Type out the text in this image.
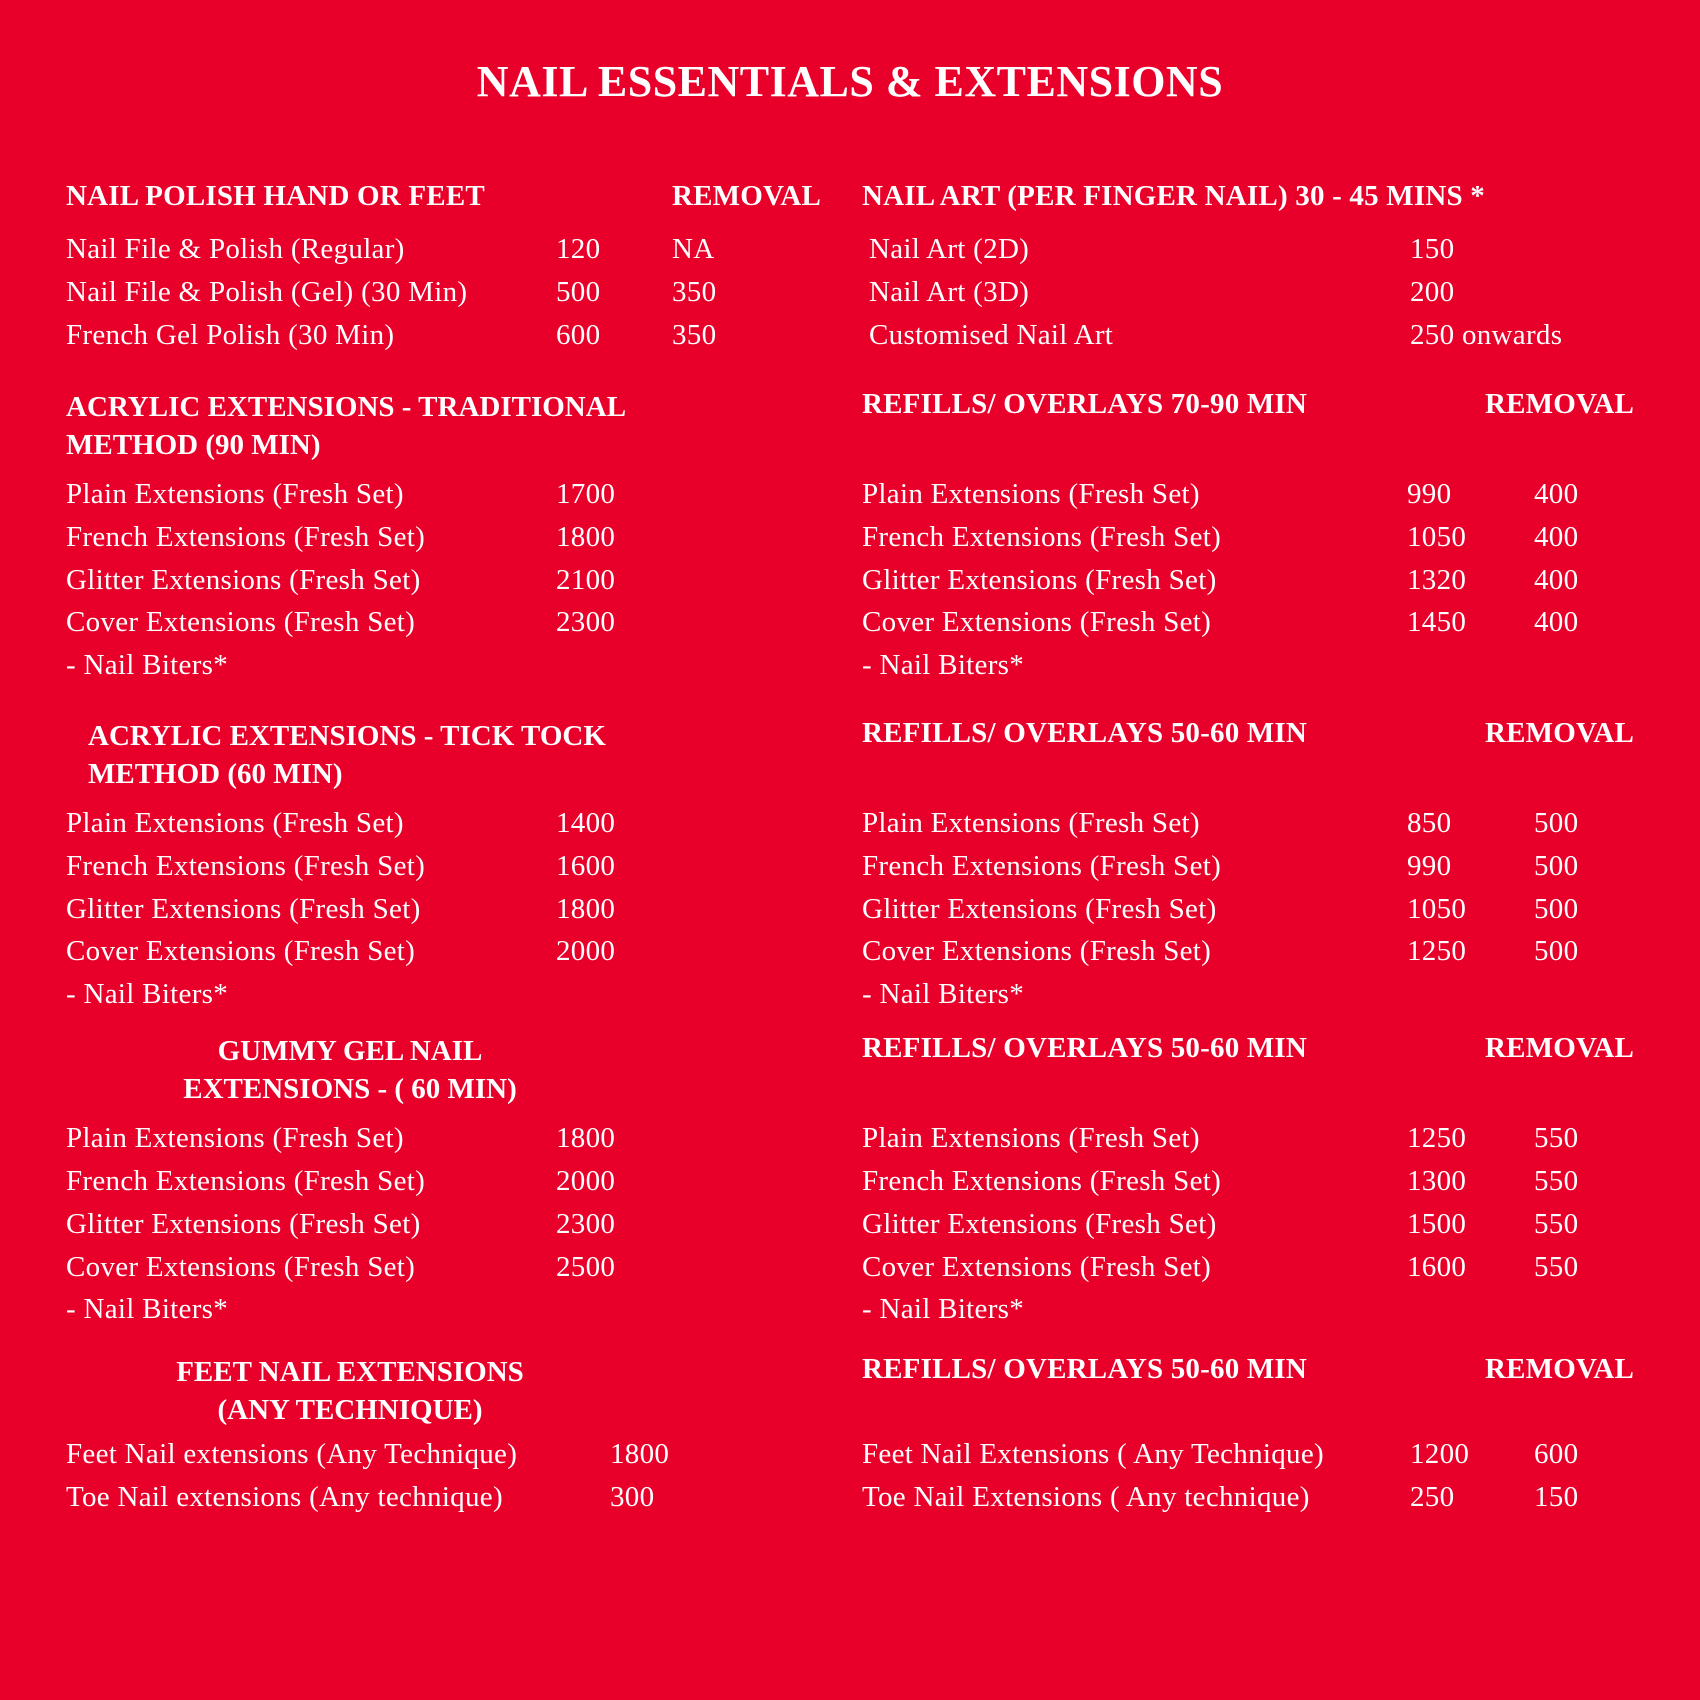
NAIL ESSENTIALS & EXTENSIONS
NAIL POLISH HAND OR FEET	REMOVAL
Nail File & Polish (Regular)	120 NA
Nail File & Polish (Gel) (30 Min)	500 350
French Gel Polish (30 Min)	600 350
ACRYLIC EXTENSIONS - TRADITIONAL
METHOD (90 MIN)
Plain Extensions (Fresh Set)	1700
French Extensions (Fresh Set)	1800
Glitter Extensions (Fresh Set)	2100
Cover Extensions (Fresh Set)	2300
- Nail Biters*
ACRYLIC EXTENSIONS - TICK TOCK
METHOD (60 MIN)
Plain Extensions (Fresh Set)	1400
French Extensions (Fresh Set)	1600
Glitter Extensions (Fresh Set)	1800
Cover Extensions (Fresh Set)	2000
- Nail Biters*
GUMMY GEL NAIL
EXTENSIONS - ( 60 MIN)
Plain Extensions (Fresh Set)	1800
French Extensions (Fresh Set)	2000
Glitter Extensions (Fresh Set)	2300
Cover Extensions (Fresh Set)	2500
- Nail Biters*
FEET NAIL EXTENSIONS
(ANY TECHNIQUE)
Feet Nail extensions (Any Technique)	1800
Toe Nail extensions (Any technique)	300
NAIL ART (PER FINGER NAIL) 30 - 45 MINS *
Nail Art (2D)	150
Nail Art (3D)	200
Customised Nail Art	250 onwards
REFILLS/ OVERLAYS 70-90 MIN	REMOVAL
Plain Extensions (Fresh Set)	990	400
French Extensions (Fresh Set)	1050 400
Glitter Extensions (Fresh Set)	1320 400
Cover Extensions (Fresh Set)	1450 400
- Nail Biters*
REFILLS/ OVERLAYS 50-60 MIN	REMOVAL
Plain Extensions (Fresh Set)	850	500
French Extensions (Fresh Set)	990	500
Glitter Extensions (Fresh Set)	1050 500
Cover Extensions (Fresh Set)	1250 500
- Nail Biters*
REFILLS/ OVERLAYS 50-60 MIN	REMOVAL
Plain Extensions (Fresh Set)	1250 550
French Extensions (Fresh Set)	1300 550
Glitter Extensions (Fresh Set)	1500 550
Cover Extensions (Fresh Set)	1600 550
- Nail Biters*
REFILLS/ OVERLAYS 50-60 MIN	REMOVAL
Feet Nail Extensions ( Any Technique)	1200 600
Toe Nail Extensions ( Any technique)	250	150
